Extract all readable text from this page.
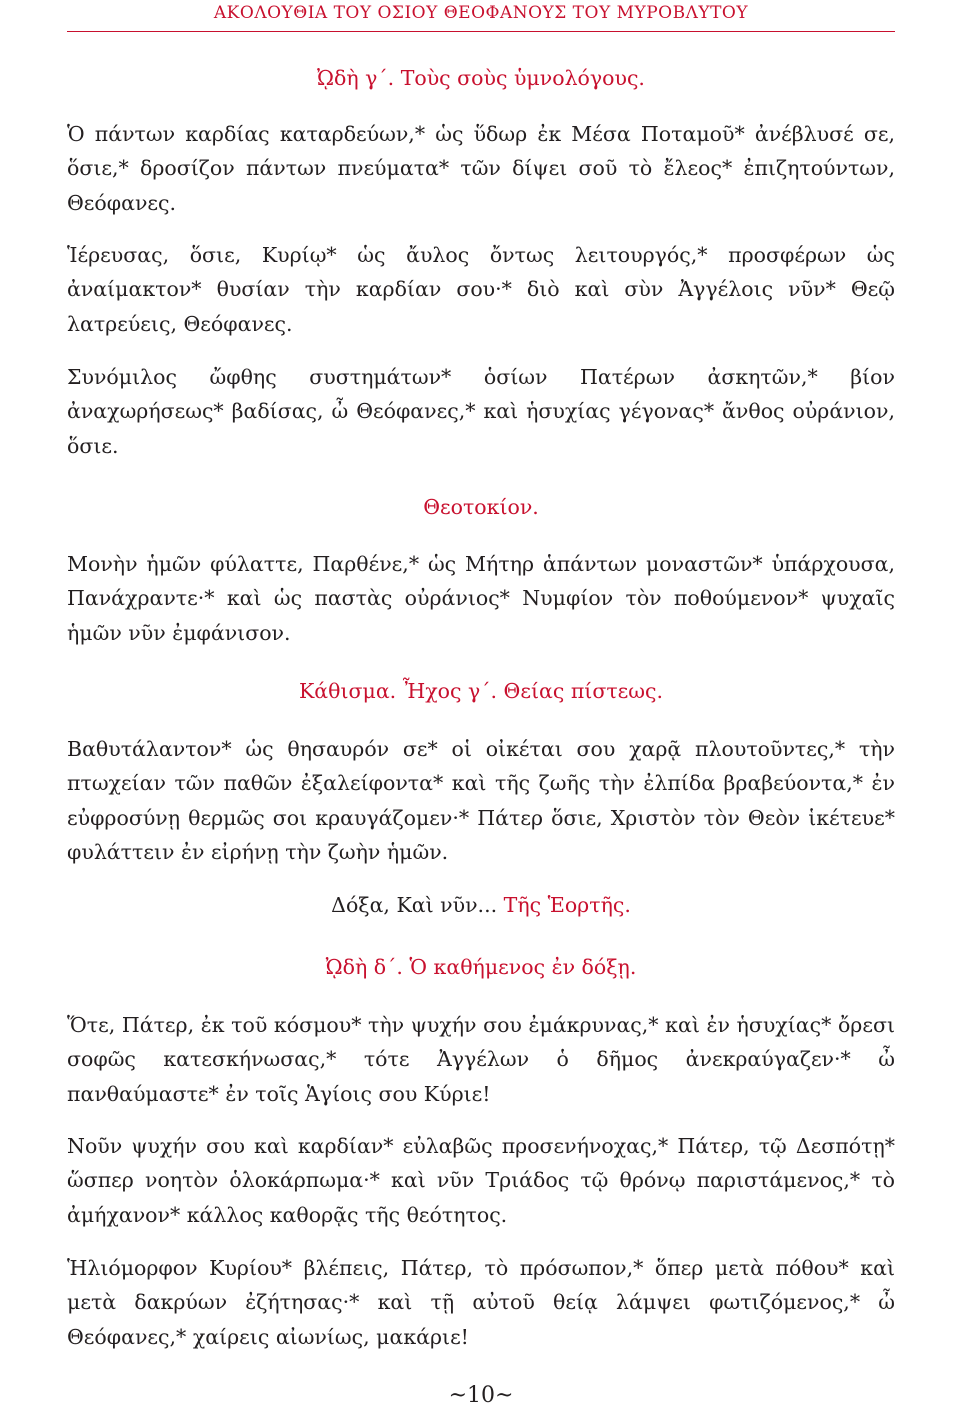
ΑΚΟΛΟΥΘΙΑ ΤΟΥ ΟΣΙΟΥ ΘΕΟΦΑΝΟΥΣ ΤΟΥ ΜΥΡΟΒΛΥΤΟΥ
ᾨδὴ γ΄. Τοὺς σοὺς ὑμνολόγους.
Ὁ πάντων καρδίας καταρδεύων,* ὡς ὕδωρ ἐκ Μέσα Ποταμοῦ* ἀνέβλυσέ σε, ὅσιε,* δροσίζον πάντων πνεύματα* τῶν δίψει σοῦ τὸ ἔλεος* ἐπιζητούντων, Θεόφανες.
Ἱέρευσας, ὅσιε, Κυρίῳ* ὡς ἄυλος ὄντως λειτουργός,* προσφέρων ὡς ἀναίμακτον* θυσίαν τὴν καρδίαν σου·* διὸ καὶ σὺν Ἀγγέλοις νῦν* Θεῷ λατρεύεις, Θεόφανες.
Συνόμιλος ὤφθης συστημάτων* ὁσίων Πατέρων ἀσκητῶν,* βίον ἀναχωρήσεως* βαδίσας, ὦ Θεόφανες,* καὶ ἡσυχίας γέγονας* ἄνθος οὐράνιον, ὅσιε.
Θεοτοκίον.
Μονὴν ἡμῶν φύλαττε, Παρθένε,* ὡς Μήτηρ ἁπάντων μοναστῶν* ὑπάρχουσα, Πανάχραντε·* καὶ ὡς παστὰς οὐράνιος* Νυμφίον τὸν ποθούμενον* ψυχαῖς ἡμῶν νῦν ἐμφάνισον.
Κάθισμα. Ἦχος γ΄. Θείας πίστεως.
Βαθυτάλαντον* ὡς θησαυρόν σε* οἱ οἰκέται σου χαρᾷ πλουτοῦντες,* τὴν πτωχείαν τῶν παθῶν ἐξαλείφοντα* καὶ τῆς ζωῆς τὴν ἐλπίδα βραβεύοντα,* ἐν εὐφροσύνῃ θερμῶς σοι κραυγάζομεν·* Πάτερ ὅσιε, Χριστὸν τὸν Θεὸν ἱκέτευε* φυλάττειν ἐν εἰρήνῃ τὴν ζωὴν ἡμῶν.
Δόξα, Καὶ νῦν... Τῆς Ἑορτῆς.
ᾨδὴ δ΄. Ὁ καθήμενος ἐν δόξῃ.
Ὅτε, Πάτερ, ἐκ τοῦ κόσμου* τὴν ψυχήν σου ἐμάκρυνας,* καὶ ἐν ἡσυχίας* ὄρεσι σοφῶς κατεσκήνωσας,* τότε Ἀγγέλων ὁ δῆμος ἀνεκραύγαζεν·* ὦ πανθαύμαστε* ἐν τοῖς Ἁγίοις σου Κύριε!
Νοῦν ψυχήν σου καὶ καρδίαν* εὐλαβῶς προσενήνοχας,* Πάτερ, τῷ Δεσπότῃ* ὥσπερ νοητὸν ὁλοκάρπωμα·* καὶ νῦν Τριάδος τῷ θρόνῳ παριστάμενος,* τὸ ἀμήχανον* κάλλος καθορᾷς τῆς θεότητος.
Ἡλιόμορφον Κυρίου* βλέπεις, Πάτερ, τὸ πρόσωπον,* ὅπερ μετὰ πόθου* καὶ μετὰ δακρύων ἐζήτησας·* καὶ τῇ αὐτοῦ θείᾳ λάμψει φωτιζόμενος,* ὦ Θεόφανες,* χαίρεις αἰωνίως, μακάριε!
~10~
